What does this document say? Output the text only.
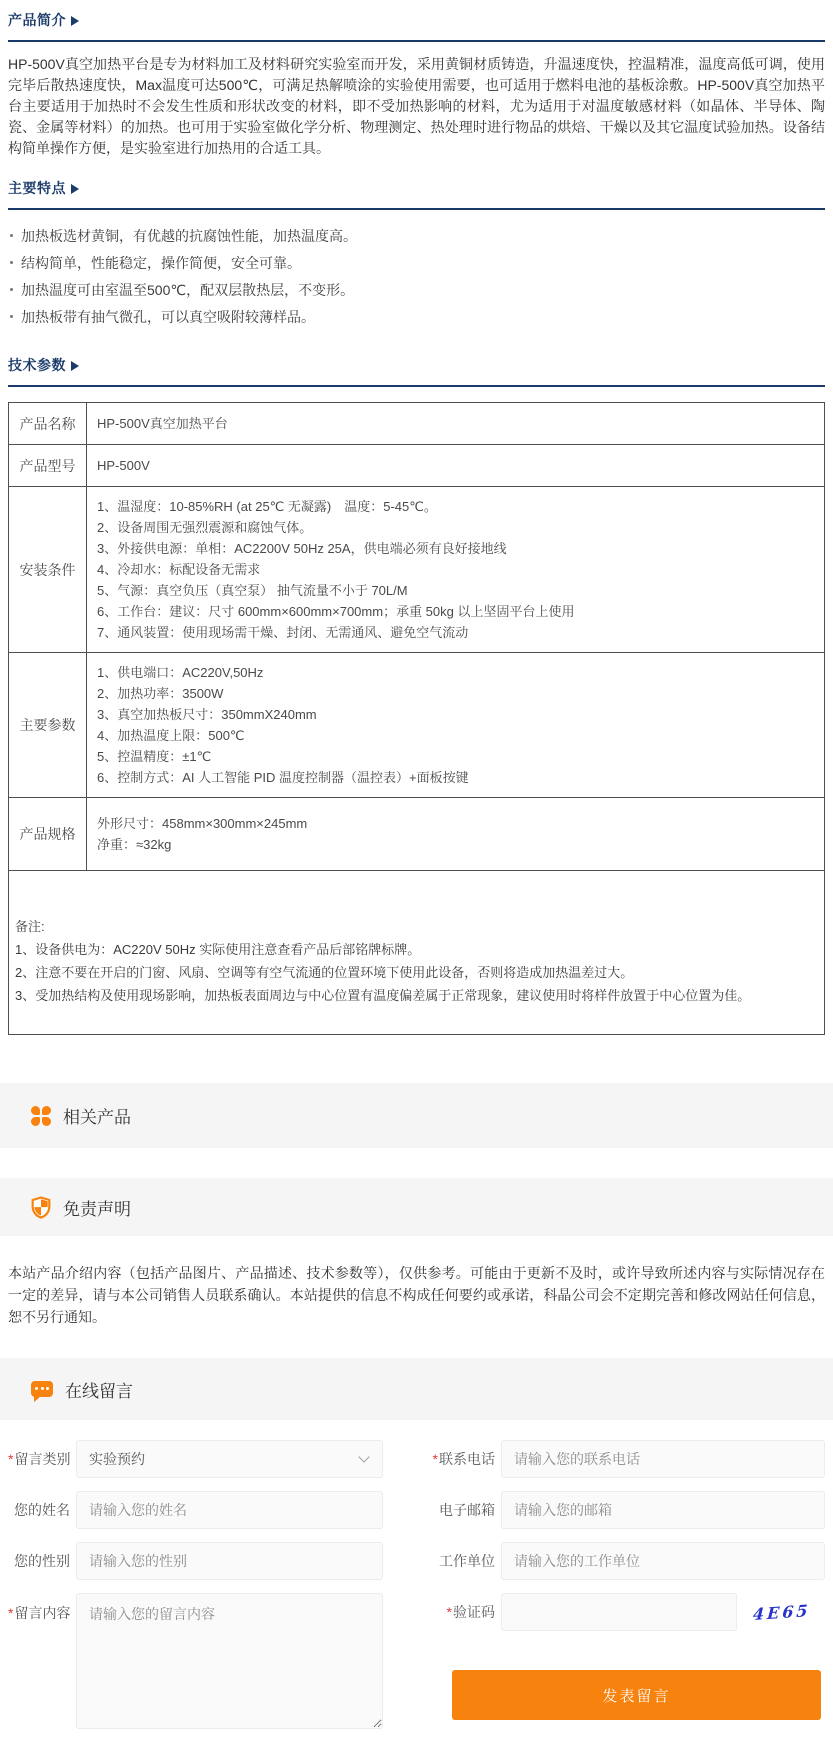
产品简介

HP-500V真空加热平台是专为材料加工及材料研究实验室而开发，采用黄铜材质铸造，升温速度快，控温精准，温度高低可调，使用完毕后散热速度快，Max温度可达500℃，可满足热解喷涂的实验使用需要，也可适用于燃料电池的基板涂敷。HP-500V真空加热平台主要适用于加热时不会发生性质和形状改变的材料，即不受加热影响的材料，尤为适用于对温度敏感材料（如晶体、半导体、陶瓷、金属等材料）的加热。也可用于实验室做化学分析、物理测定、热处理时进行物品的烘焙、干燥以及其它温度试验加热。设备结构简单操作方便，是实验室进行加热用的合适工具。

主要特点
加热板选材黄铜，有优越的抗腐蚀性能，加热温度高。
结构简单，性能稳定，操作简便，安全可靠。
加热温度可由室温至500℃，配双层散热层，不变形。
加热板带有抽气微孔，可以真空吸附较薄样品。
技术参数
产品名称	HP-500V真空加热平台

产品型号	HP-500V

安装条件	
1、温湿度：10-85%RH (at 25℃ 无凝露)　温度：5-45℃。
2、设备周围无强烈震源和腐蚀气体。
3、外接供电源：单相：AC2200V 50Hz 25A，供电端必须有良好接地线
4、冷却水：标配设备无需求
5、气源：真空负压（真空泵） 抽气流量不小于 70L/M
6、工作台：建议：尺寸 600mm×600mm×700mm；承重 50kg 以上坚固平台上使用
7、通风装置：使用现场需干燥、封闭、无需通风、避免空气流动

主要参数	
1、供电端口：AC220V,50Hz
2、加热功率：3500W
3、真空加热板尺寸：350mmX240mm
4、加热温度上限：500℃
5、控温精度：±1℃
6、控制方式：AI 人工智能 PID 温度控制器（温控表）+面板按键

产品规格	外形尺寸：458mm×300mm×245mm
净重：≈32kg

备注:
1、设备供电为：AC220V 50Hz 实际使用注意查看产品后部铭牌标牌。
2、注意不要在开启的门窗、风扇、空调等有空气流通的位置环境下使用此设备，否则将造成加热温差过大。
3、受加热结构及使用现场影响，加热板表面周边与中心位置有温度偏差属于正常现象，建议使用时将样件放置于中心位置为佳。	
相关产品
免责声明

本站产品介绍内容（包括产品图片、产品描述、技术参数等），仅供参考。可能由于更新不及时，或许导致所述内容与实际情况存在一定的差异，请与本公司销售人员联系确认。本站提供的信息不构成任何要约或承诺，科晶公司会不定期完善和修改网站任何信息，恕不另行通知。

在线留言
*留言类别 实验预约
您的姓名
请输入您的姓名
您的性别
请输入您的性别
*留言内容
请输入您的留言内容
*联系电话
请输入您的联系电话
电子邮箱
请输入您的邮箱
工作单位
请输入您的工作单位
*验证码	4E65
发表留言
